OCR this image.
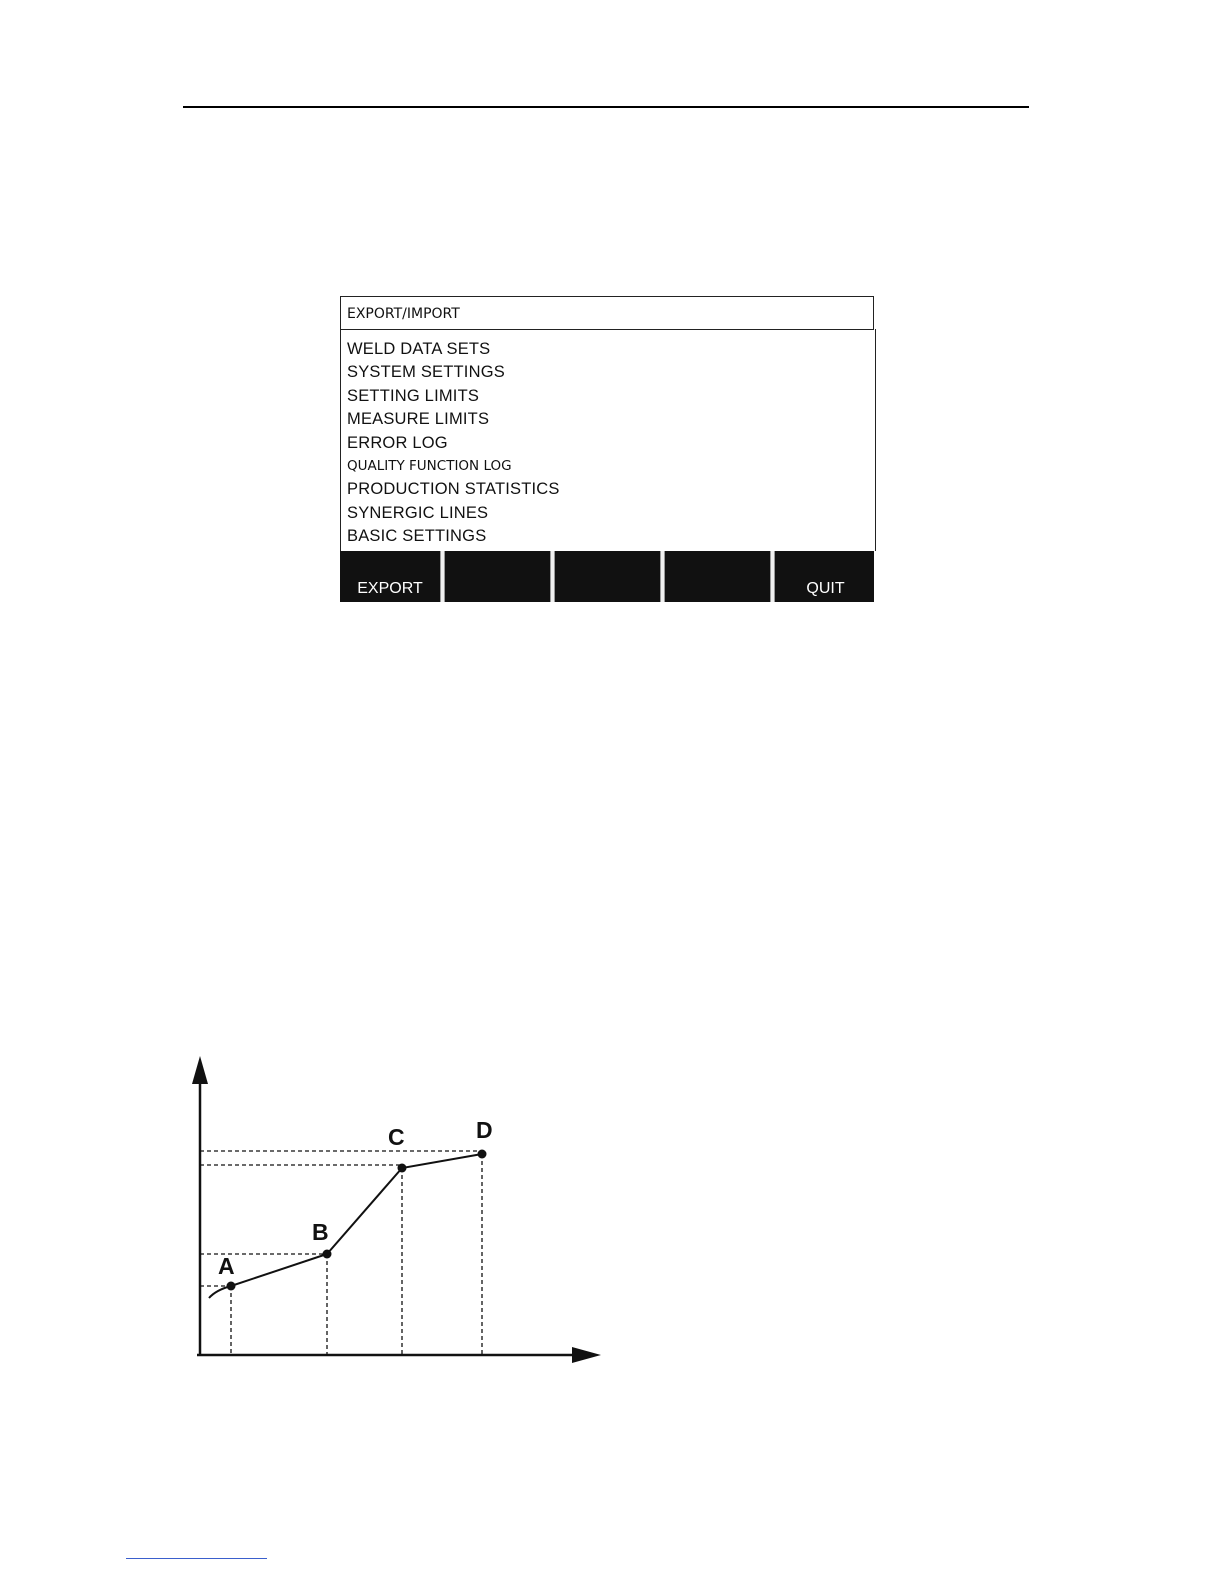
EXPORT/IMPORT
WELD DATA SETS
SYSTEM SETTINGS
SETTING LIMITS
MEASURE LIMITS
ERROR LOG
QUALITY FUNCTION LOG
PRODUCTION STATISTICS
SYNERGIC LINES
BASIC SETTINGS
EXPORT	QUIT
A
B
C	D
